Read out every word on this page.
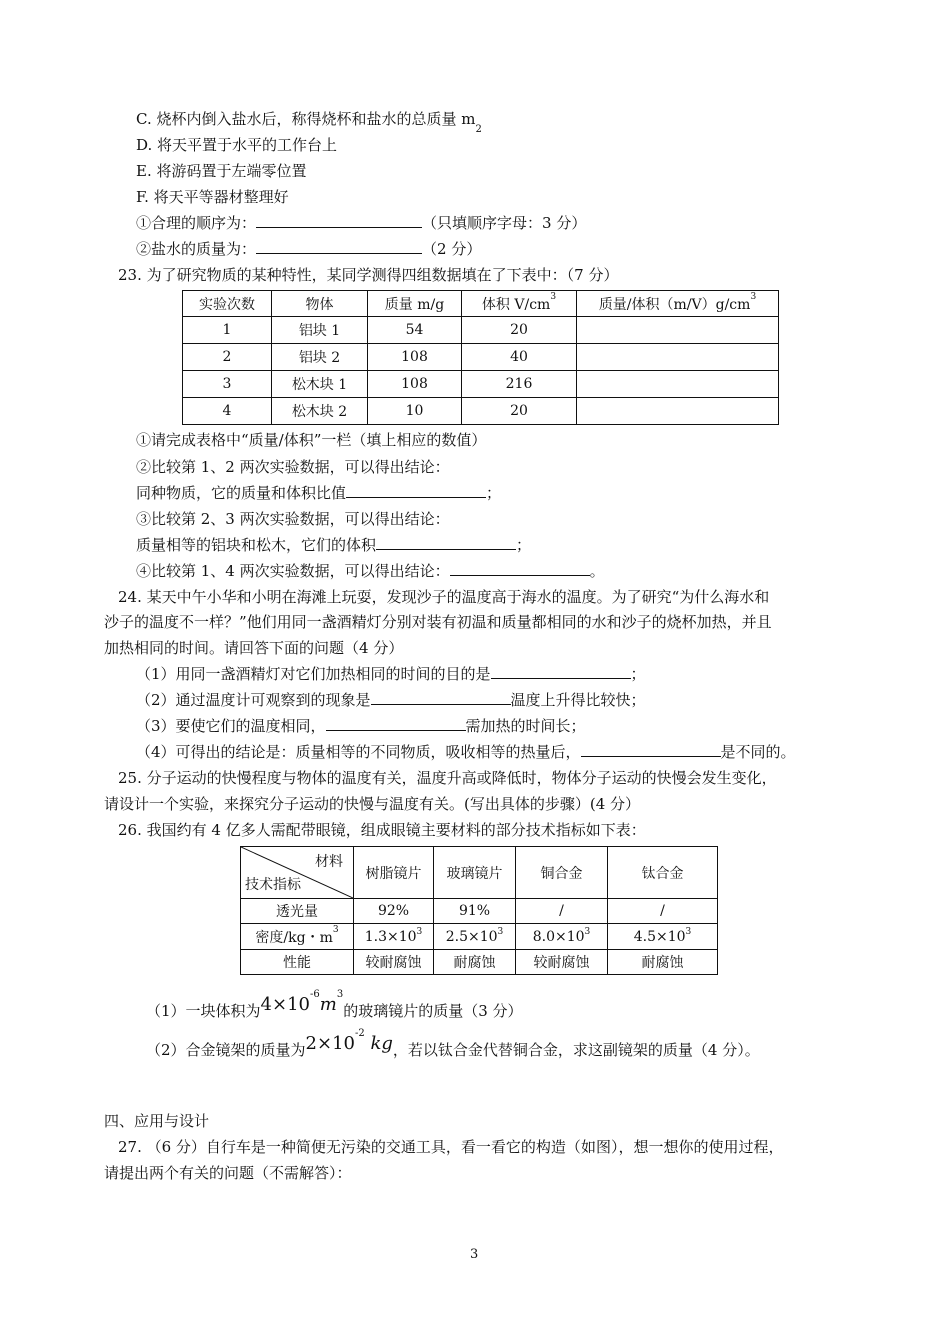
C. 烧杯内倒入盐水后，称得烧杯和盐水的总质量 $m_2$
D. 将天平置于水平的工作台上
E. 将游码置于左端零位置
F. 将天平等器材整理好
①合理的顺序为：	（只填顺序字母：3 分）
②盐水的质量为：	（2 分）
23. 为了研究物质的某种特性，某同学测得四组数据填在了下表中：（7 分）
实验次数	物体	质量 m/g	体积 $V/cm^3$	质量/体积$(m/V)g/cm^3$
1	铝块 1	54	20	
2	铝块 2	108	40	
3	松木块 1	108	216	
4	松木块 2	10	20	
①请完成表格中“质量/体积”一栏（填上相应的数值）
②比较第 1、2 两次实验数据，可以得出结论：
同种物质，它的质量和体积比值	；
③比较第 2、3 两次实验数据，可以得出结论：
质量相等的铝块和松木，它们的体积	；
④比较第 1、4 两次实验数据，可以得出结论：	。
24. 某天中午小华和小明在海滩上玩耍，发现沙子的温度高于海水的温度。为了研究“为什么海水和
沙子的温度不一样？”他们用同一盏酒精灯分别对装有初温和质量都相同的水和沙子的烧杯加热，并且
加热相同的时间。请回答下面的问题（4 分）
（1）用同一盏酒精灯对它们加热相同的时间的目的是	；
（2）通过温度计可观察到的现象是	温度上升得比较快；
（3）要使它们的温度相同，	需加热的时间长；
（4）可得出的结论是：质量相等的不同物质，吸收相等的热量后，	是不同的。
25. 分子运动的快慢程度与物体的温度有关，温度升高或降低时，物体分子运动的快慢会发生变化，
请设计一个实验，来探究分子运动的快慢与温度有关。(写出具体的步骤）(4 分）
26. 我国约有 4 亿多人需配带眼镜，组成眼镜主要材料的部分技术指标如下表：
材料
技术指标	树脂镜片	玻璃镜片	铜合金	钛合金
透光量	92%	91%	/	/
密度/kg・$m^3$	$1.3\times 10^3$	$2.5\times 10^3$	$8.0\times 10^3$	$4.5\times 10^3$
性能	较耐腐蚀	耐腐蚀	较耐腐蚀	耐腐蚀
（1）一块体积为$4\times 10^{-6}m^3$的玻璃镜片的质量（3 分）
（2）合金镜架的质量为$2\times 10^{-2}$ kg，若以钛合金代替铜合金，求这副镜架的质量（4 分）。
四、应用与设计
27. （6 分）自行车是一种简便无污染的交通工具，看一看它的构造（如图），想一想你的使用过程，
请提出两个有关的问题（不需解答）：
3
